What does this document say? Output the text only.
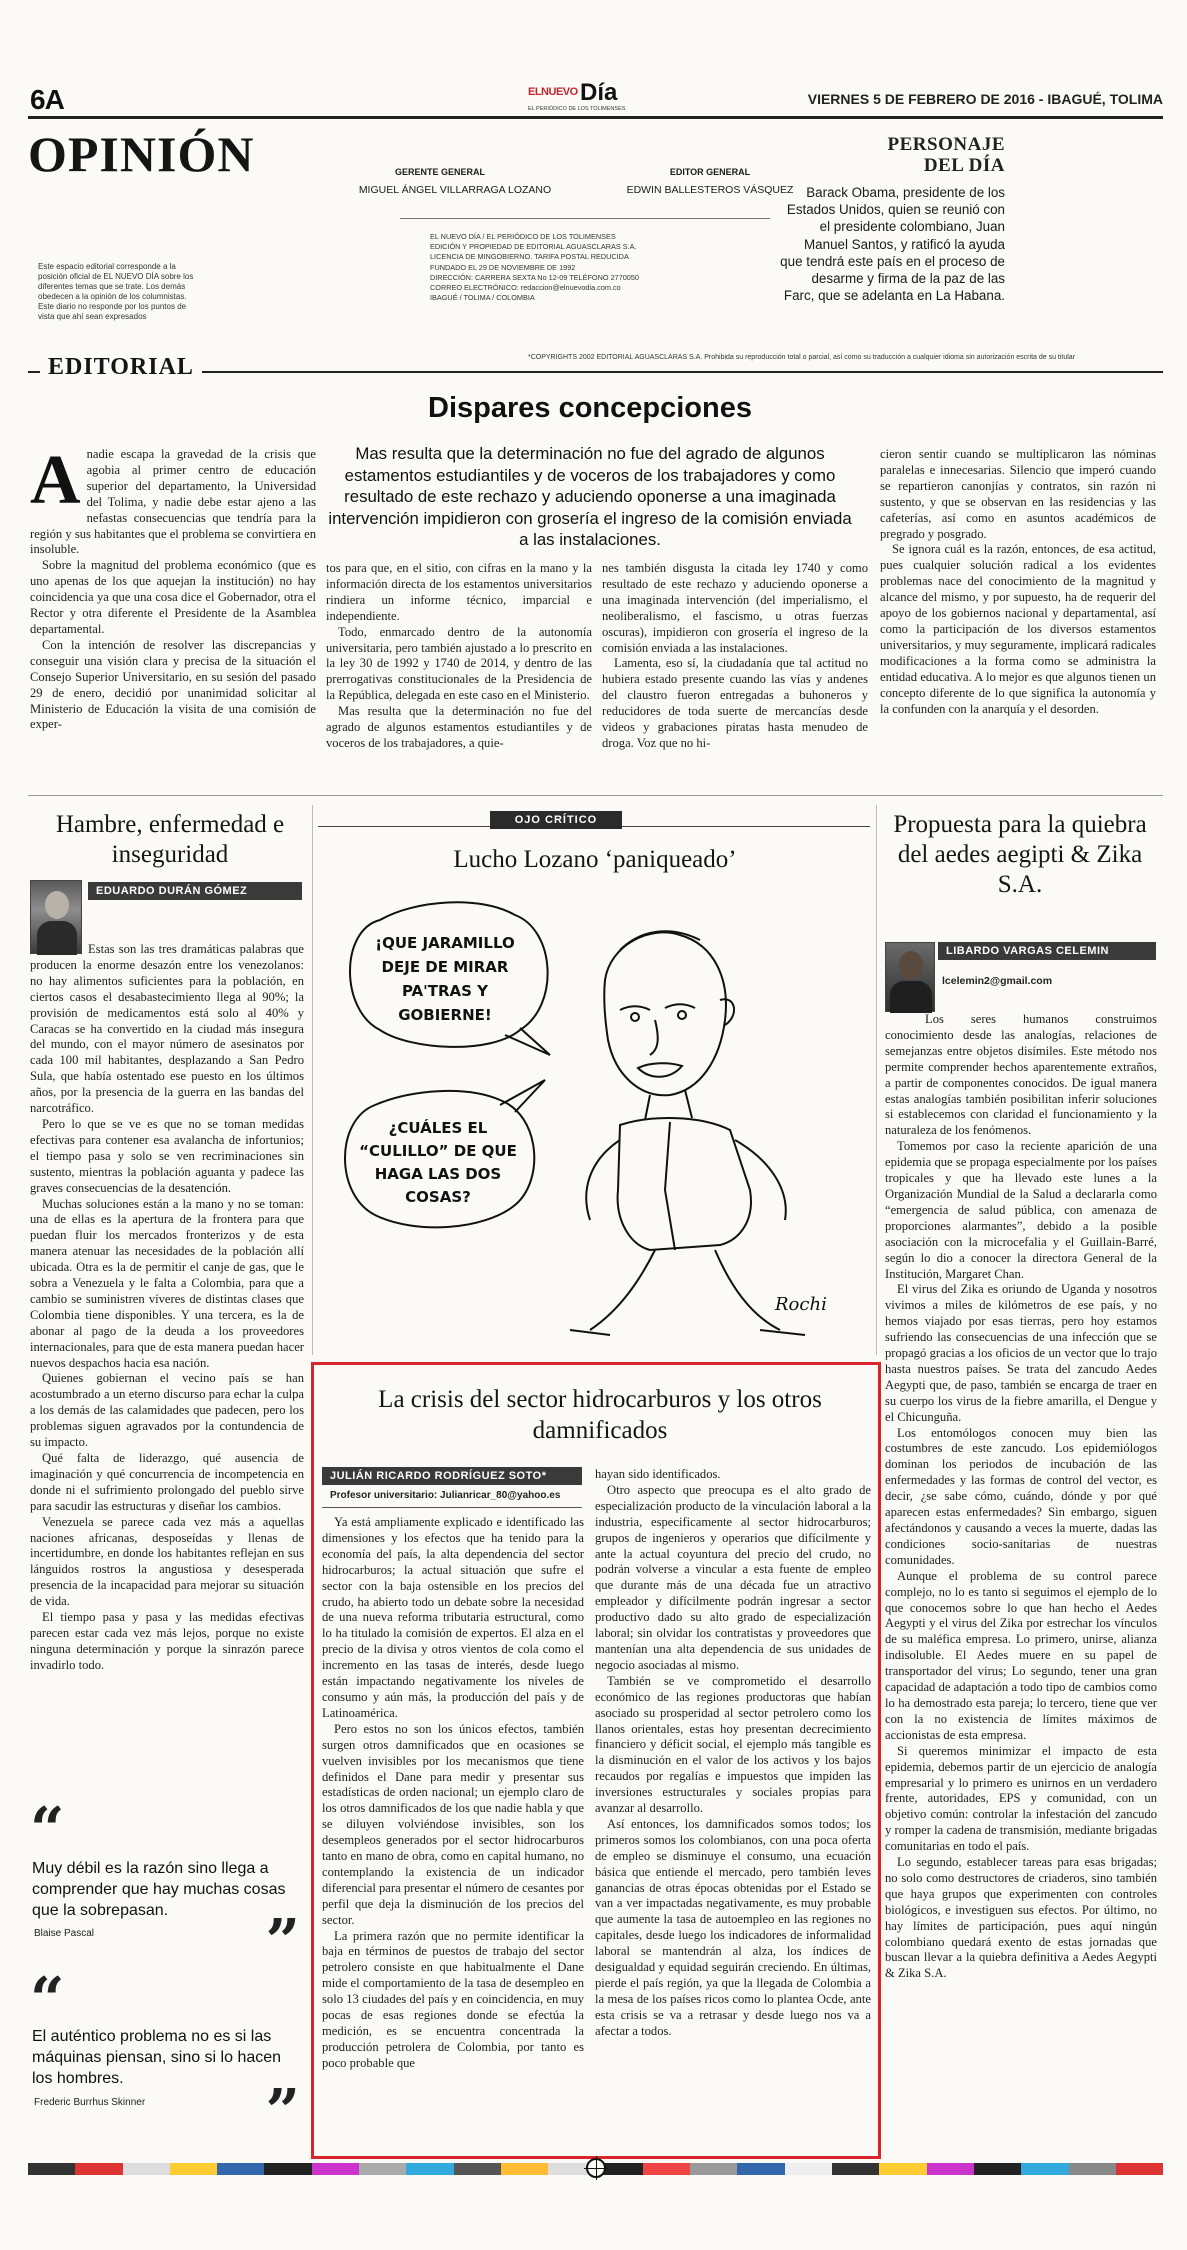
6A	ELNUEVO Día
EL PERIÓDICO DE LOS TOLIMENSES
VIERNES 5 DE FEBRERO DE 2016 - IBAGUÉ, TOLIMA
OPINIÓN
Este espacio editorial corresponde a la posición oficial de EL NUEVO DÍA sobre los diferentes temas que se trate. Los demás obedecen a la opinión de los columnistas. Este diario no responde por los puntos de vista que ahí sean expresados
GERENTE GENERAL
MIGUEL ÁNGEL VILLARRAGA LOZANO
EDITOR GENERAL
EDWIN BALLESTEROS VÁSQUEZ
EL NUEVO DÍA / EL PERIÓDICO DE LOS TOLIMENSES
EDICIÓN Y PROPIEDAD DE EDITORIAL AGUASCLARAS S.A.
LICENCIA DE MINGOBIERNO. TARIFA POSTAL REDUCIDA
FUNDADO EL 29 DE NOVIEMBRE DE 1992
DIRECCIÓN: CARRERA SEXTA No 12-09 TELÉFONO 2770050
CORREO ELECTRÓNICO: redaccion@elnuevodia.com.co
IBAGUÉ / TOLIMA / COLOMBIA
PERSONAJE DEL DÍA
Barack Obama, presidente de los Estados Unidos, quien se reunió con el presidente colombiano, Juan Manuel Santos, y ratificó la ayuda que tendrá este país en el proceso de desarme y firma de la paz de las Farc, que se adelanta en La Habana.
*COPYRIGHTS 2002 EDITORIAL AGUASCLARAS S.A. Prohibida su reproducción total o parcial, así como su traducción a cualquier idioma sin autorización escrita de su titular
EDITORIAL
Dispares concepciones
Mas resulta que la determinación no fue del agrado de algunos estamentos estudiantiles y de voceros de los trabajadores y como resultado de este rechazo y aduciendo oponerse a una imaginada intervención impidieron con grosería el ingreso de la comisión enviada a las instalaciones.
A nadie escapa la gravedad de la crisis que agobia al primer centro de educación superior del departamento, la Universidad del Tolima, y nadie debe estar ajeno a las nefastas consecuencias que tendría para la región y sus habitantes que el problema se convirtiera en insoluble.

Sobre la magnitud del problema económico (que es uno apenas de los que aquejan la institución) no hay coincidencia ya que una cosa dice el Gobernador, otra el Rector y otra diferente el Presidente de la Asamblea departamental.

Con la intención de resolver las discrepancias y conseguir una visión clara y precisa de la situación el Consejo Superior Universitario, en su sesión del pasado 29 de enero, decidió por unanimidad solicitar al Ministerio de Educación la visita de una comisión de exper-

tos para que, en el sitio, con cifras en la mano y la información directa de los estamentos universitarios rindiera un informe técnico, imparcial e independiente.

Todo, enmarcado dentro de la autonomía universitaria, pero también ajustado a lo prescrito en la ley 30 de 1992 y 1740 de 2014, y dentro de las prerrogativas constitucionales de la Presidencia de la República, delegada en este caso en el Ministerio.

Mas resulta que la determinación no fue del agrado de algunos estamentos estudiantiles y de voceros de los trabajadores, a quie-

nes también disgusta la citada ley 1740 y como resultado de este rechazo y aduciendo oponerse a una imaginada intervención (del imperialismo, el neoliberalismo, el fascismo, u otras fuerzas oscuras), impidieron con grosería el ingreso de la comisión enviada a las instalaciones.

Lamenta, eso sí, la ciudadanía que tal actitud no hubiera estado presente cuando las vías y andenes del claustro fueron entregadas a buhoneros y reducidores de toda suerte de mercancías desde videos y grabaciones piratas hasta menudeo de droga. Voz que no hi-

cieron sentir cuando se multiplicaron las nóminas paralelas e innecesarias. Silencio que imperó cuando se repartieron canonjías y contratos, sin razón ni sustento, y que se observan en las residencias y las cafeterías, así como en asuntos académicos de pregrado y posgrado.

Se ignora cuál es la razón, entonces, de esa actitud, pues cualquier solución radical a los evidentes problemas nace del conocimiento de la magnitud y alcance del mismo, y por supuesto, ha de requerir del apoyo de los gobiernos nacional y departamental, así como la participación de los diversos estamentos universitarios, y muy seguramente, implicará radicales modificaciones a la forma como se administra la entidad educativa. A lo mejor es que algunos tienen un concepto diferente de lo que significa la autonomía y la confunden con la anarquía y el desorden.

Hambre, enfermedad e inseguridad
EDUARDO DURÁN GÓMEZ

Estas son las tres dramáticas palabras que producen la enorme desazón entre los venezolanos: no hay alimentos suficientes para la población, en ciertos casos el desabastecimiento llega al 90%; la provisión de medicamentos está solo al 40% y Caracas se ha convertido en la ciudad más insegura del mundo, con el mayor número de asesinatos por cada 100 mil habitantes, desplazando a San Pedro Sula, que había ostentado ese puesto en los últimos años, por la presencia de la guerra en las bandas del narcotráfico.

Pero lo que se ve es que no se toman medidas efectivas para contener esa avalancha de infortunios; el tiempo pasa y solo se ven recriminaciones sin sustento, mientras la población aguanta y padece las graves consecuencias de la desatención.

Muchas soluciones están a la mano y no se toman: una de ellas es la apertura de la frontera para que puedan fluir los mercados fronterizos y de esta manera atenuar las necesidades de la población allí ubicada. Otra es la de permitir el canje de gas, que le sobra a Venezuela y le falta a Colombia, para que a cambio se suministren víveres de distintas clases que Colombia tiene disponibles. Y una tercera, es la de abonar al pago de la deuda a los proveedores internacionales, para que de esta manera puedan hacer nuevos despachos hacia esa nación.

Quienes gobiernan el vecino país se han acostumbrado a un eterno discurso para echar la culpa a los demás de las calamidades que padecen, pero los problemas siguen agravados por la contundencia de su impacto.

Qué falta de liderazgo, qué ausencia de imaginación y qué concurrencia de incompetencia en donde ni el sufrimiento prolongado del pueblo sirve para sacudir las estructuras y diseñar los cambios.

Venezuela se parece cada vez más a aquellas naciones africanas, desposeídas y llenas de incertidumbre, en donde los habitantes reflejan en sus lánguidos rostros la angustiosa y desesperada presencia de la incapacidad para mejorar su situación de vida.

El tiempo pasa y pasa y las medidas efectivas parecen estar cada vez más lejos, porque no existe ninguna determinación y porque la sinrazón parece invadirlo todo.

“
Muy débil es la razón sino llega a comprender que hay muchas cosas que la sobrepasan.
Blaise Pascal	”
“
El auténtico problema no es si las máquinas piensan, sino si lo hacen los hombres.
Frederic Burrhus Skinner ”
OJO CRÍTICO
Lucho Lozano ‘paniqueado’
¡QUE JARAMILLO
DEJE DE MIRAR
PA'TRAS Y
GOBIERNE!
¿CUÁLES EL
“CULILLO” DE QUE
HAGA LAS DOS
COSAS?
Rochi
Propuesta para la quiebra del aedes aegipti & Zika S.A.
LIBARDO VARGAS CELEMIN
lcelemin2@gmail.com

Los seres humanos construimos conocimiento desde las analogías, relaciones de semejanzas entre objetos disímiles. Este método nos permite comprender hechos aparentemente extraños, a partir de componentes conocidos. De igual manera estas analogías también posibilitan inferir soluciones si establecemos con claridad el funcionamiento y la naturaleza de los fenómenos.

Tomemos por caso la reciente aparición de una epidemia que se propaga especialmente por los países tropicales y que ha llevado este lunes a la Organización Mundial de la Salud a declararla como “emergencia de salud pública, con amenaza de proporciones alarmantes”, debido a la posible asociación con la microcefalia y el Guillain-Barré, según lo dio a conocer la directora General de la Institución, Margaret Chan.

El virus del Zika es oriundo de Uganda y nosotros vivimos a miles de kilómetros de ese país, y no hemos viajado por esas tierras, pero hoy estamos sufriendo las consecuencias de una infección que se propagó gracias a los oficios de un vector que lo trajo hasta nuestros países. Se trata del zancudo Aedes Aegypti que, de paso, también se encarga de traer en su cuerpo los virus de la fiebre amarilla, el Dengue y el Chicunguña.

Los entomólogos conocen muy bien las costumbres de este zancudo. Los epidemiólogos dominan los periodos de incubación de las enfermedades y las formas de control del vector, es decir, ¿se sabe cómo, cuándo, dónde y por qué aparecen estas enfermedades? Sin embargo, siguen afectándonos y causando a veces la muerte, dadas las condiciones socio-sanitarias de nuestras comunidades.

Aunque el problema de su control parece complejo, no lo es tanto si seguimos el ejemplo de lo que conocemos sobre lo que han hecho el Aedes Aegypti y el virus del Zika por estrechar los vínculos de su maléfica empresa. Lo primero, unirse, alianza indisoluble. El Aedes muere en su papel de transportador del virus; Lo segundo, tener una gran capacidad de adaptación a todo tipo de cambios como lo ha demostrado esta pareja; lo tercero, tiene que ver con la no existencia de límites máximos de accionistas de esta empresa.

Si queremos minimizar el impacto de esta epidemia, debemos partir de un ejercicio de analogía empresarial y lo primero es unirnos en un verdadero frente, autoridades, EPS y comunidad, con un objetivo común: controlar la infestación del zancudo y romper la cadena de transmisión, mediante brigadas comunitarias en todo el país.

Lo segundo, establecer tareas para esas brigadas; no solo como destructores de criaderos, sino también que haya grupos que experimenten con controles biológicos, e investiguen sus efectos. Por último, no hay límites de participación, pues aquí ningún colombiano quedará exento de estas jornadas que buscan llevar a la quiebra definitiva a Aedes Aegypti & Zika S.A.

La crisis del sector hidrocarburos y los otros damnificados
JULIÁN RICARDO RODRÍGUEZ SOTO*
Profesor universitario: Julianricar_80@yahoo.es

Ya está ampliamente explicado e identificado las dimensiones y los efectos que ha tenido para la economía del país, la alta dependencia del sector hidrocarburos; la actual situación que sufre el sector con la baja ostensible en los precios del crudo, ha abierto todo un debate sobre la necesidad de una nueva reforma tributaria estructural, como lo ha titulado la comisión de expertos. El alza en el precio de la divisa y otros vientos de cola como el incremento en las tasas de interés, desde luego están impactando negativamente los niveles de consumo y aún más, la producción del país y de Latinoamérica.

Pero estos no son los únicos efectos, también surgen otros damnificados que en ocasiones se vuelven invisibles por los mecanismos que tiene definidos el Dane para medir y presentar sus estadísticas de orden nacional; un ejemplo claro de los otros damnificados de los que nadie habla y que se diluyen volviéndose invisibles, son los desempleos generados por el sector hidrocarburos tanto en mano de obra, como en capital humano, no contemplando la existencia de un indicador diferencial para presentar el número de cesantes por perfil que deja la disminución de los precios del sector.

La primera razón que no permite identificar la baja en términos de puestos de trabajo del sector petrolero consiste en que habitualmente el Dane mide el comportamiento de la tasa de desempleo en solo 13 ciudades del país y en coincidencia, en muy pocas de esas regiones donde se efectúa la medición, es se encuentra concentrada la producción petrolera de Colombia, por tanto es poco probable que

hayan sido identificados.

Otro aspecto que preocupa es el alto grado de especialización producto de la vinculación laboral a la industria, especificamente al sector hidrocarburos; grupos de ingenieros y operarios que difícilmente y ante la actual coyuntura del precio del crudo, no podrán volverse a vincular a esta fuente de empleo que durante más de una década fue un atractivo empleador y difícilmente podrán ingresar a sector productivo dado su alto grado de especialización laboral; sin olvidar los contratistas y proveedores que mantenían una alta dependencia de sus unidades de negocio asociadas al mismo.

También se ve comprometido el desarrollo económico de las regiones productoras que habían asociado su prosperidad al sector petrolero como los llanos orientales, estas hoy presentan decrecimiento financiero y déficit social, el ejemplo más tangible es la disminución en el valor de los activos y los bajos recaudos por regalías e impuestos que impiden las inversiones estructurales y sociales propias para avanzar al desarrollo.

Así entonces, los damnificados somos todos; los primeros somos los colombianos, con una poca oferta de empleo se disminuye el consumo, una ecuación básica que entiende el mercado, pero también leves ganancias de otras épocas obtenidas por el Estado se van a ver impactadas negativamente, es muy probable que aumente la tasa de autoempleo en las regiones no capitales, desde luego los indicadores de informalidad laboral se mantendrán al alza, los índices de desigualdad y equidad seguirán creciendo. En últimas, pierde el país región, ya que la llegada de Colombia a la mesa de los países ricos como lo plantea Ocde, ante esta crisis se va a retrasar y desde luego nos va a afectar a todos.
